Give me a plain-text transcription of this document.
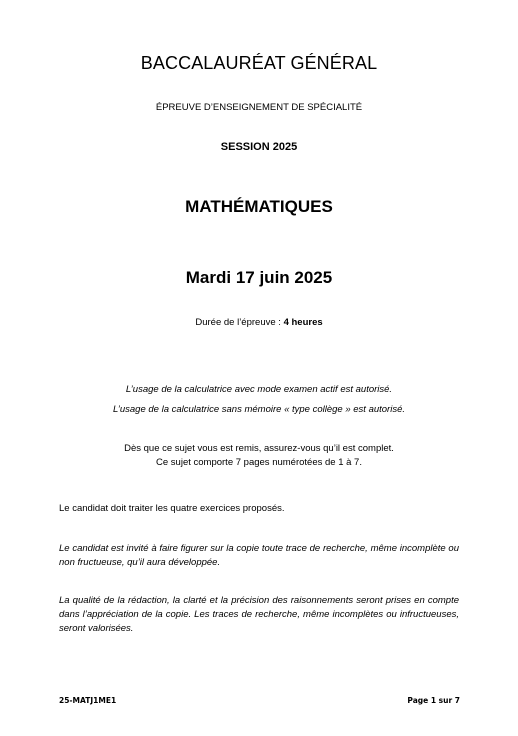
BACCALAURÉAT GÉNÉRAL
ÉPREUVE D’ENSEIGNEMENT DE SPÉCIALITÉ
SESSION 2025
MATHÉMATIQUES
Mardi 17 juin 2025
Durée de l’épreuve : 4 heures
L’usage de la calculatrice avec mode examen actif est autorisé.
L’usage de la calculatrice sans mémoire « type collège » est autorisé.
Dès que ce sujet vous est remis, assurez-vous qu’il est complet.
Ce sujet comporte 7 pages numérotées de 1 à 7.
Le candidat doit traiter les quatre exercices proposés.
Le candidat est invité à faire figurer sur la copie toute trace de recherche, même incomplète ou non fructueuse, qu’il aura développée.
La qualité de la rédaction, la clarté et la précision des raisonnements seront prises en compte dans l’appréciation de la copie. Les traces de recherche, même incomplètes ou infructueuses, seront valorisées.
25-MATJ1ME1	Page 1 sur 7
